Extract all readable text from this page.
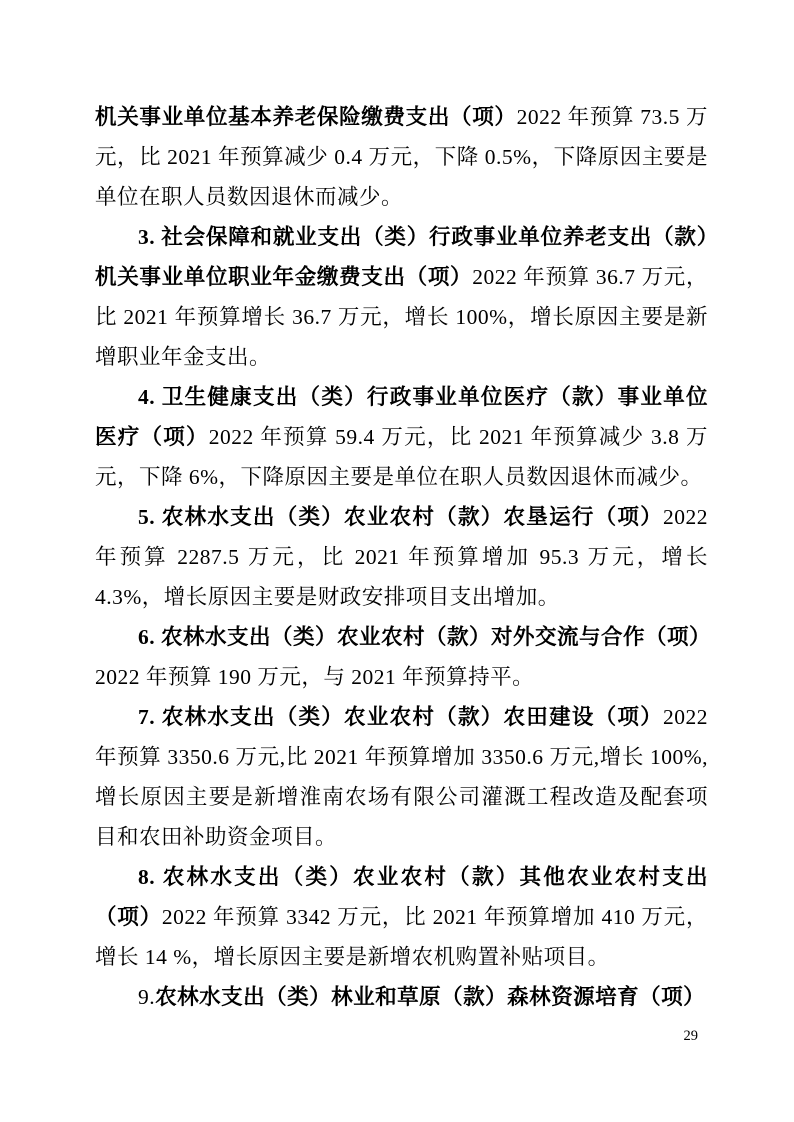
机关事业单位基本养老保险缴费支出（项）2022 年预算 73.5 万元，比 2021 年预算减少 0.4 万元，下降 0.5%，下降原因主要是单位在职人员数因退休而减少。

3. 社会保障和就业支出（类）行政事业单位养老支出（款）机关事业单位职业年金缴费支出（项）2022 年预算 36.7 万元，比 2021 年预算增长 36.7 万元，增长 100%，增长原因主要是新增职业年金支出。

4. 卫生健康支出（类）行政事业单位医疗（款）事业单位医疗（项）2022 年预算 59.4 万元，比 2021 年预算减少 3.8 万元，下降 6%，下降原因主要是单位在职人员数因退休而减少。

5. 农林水支出（类）农业农村（款）农垦运行（项）2022 年预算 2287.5 万元，比 2021 年预算增加 95.3 万元，增长 4.3%，增长原因主要是财政安排项目支出增加。

6. 农林水支出（类）农业农村（款）对外交流与合作（项）2022 年预算 190 万元，与 2021 年预算持平。

7. 农林水支出（类）农业农村（款）农田建设（项）2022 年预算 3350.6 万元,比 2021 年预算增加 3350.6 万元,增长 100%,增长原因主要是新增淮南农场有限公司灌溉工程改造及配套项目和农田补助资金项目。

8. 农林水支出（类）农业农村（款）其他农业农村支出（项）2022 年预算 3342 万元，比 2021 年预算增加 410 万元，增长 14 %，增长原因主要是新增农机购置补贴项目。

9.农林水支出（类）林业和草原（款）森林资源培育（项）

29
